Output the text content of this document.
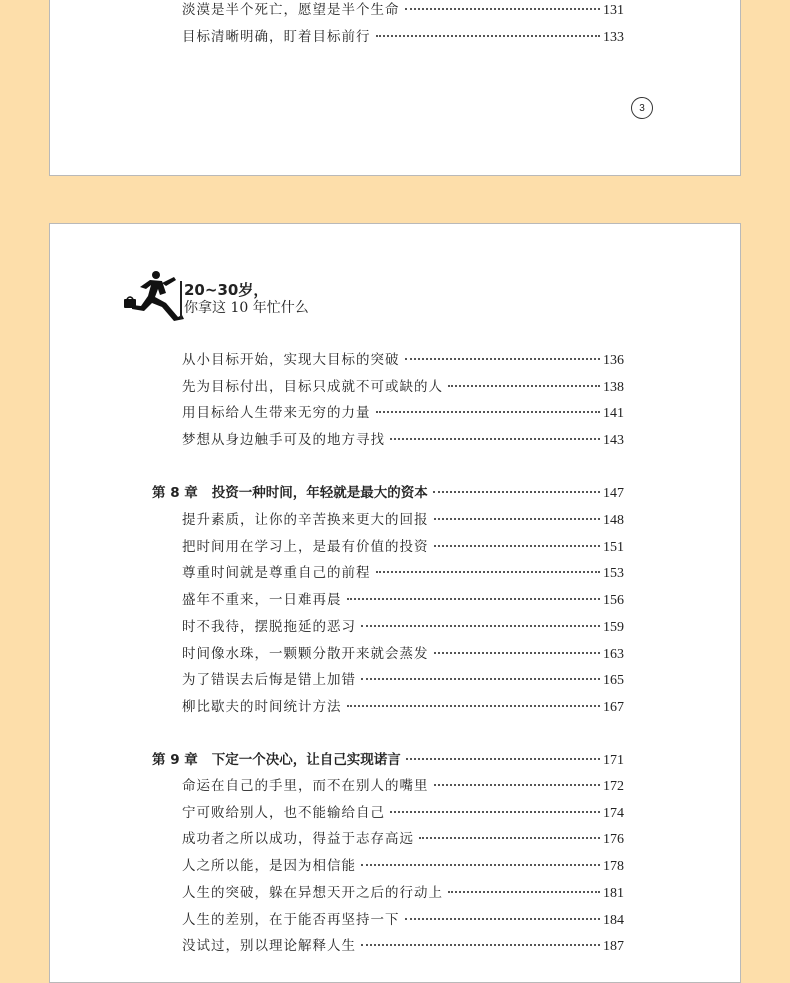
淡漠是半个死亡，愿望是半个生命	131
目标清晰明确，盯着目标前行	133
3
20~30岁，
你拿这 10 年忙什么
从小目标开始，实现大目标的突破	136
先为目标付出，目标只成就不可或缺的人	138
用目标给人生带来无穷的力量	141
梦想从身边触手可及的地方寻找	143
第 8 章 投资一种时间，年轻就是最大的资本	147
提升素质，让你的辛苦换来更大的回报	148
把时间用在学习上，是最有价值的投资	151
尊重时间就是尊重自己的前程	153
盛年不重来，一日难再晨	156
时不我待，摆脱拖延的恶习	159
时间像水珠，一颗颗分散开来就会蒸发	163
为了错误去后悔是错上加错	165
柳比歇夫的时间统计方法	167
第 9 章 下定一个决心，让自己实现诺言	171
命运在自己的手里，而不在别人的嘴里	172
宁可败给别人，也不能输给自己	174
成功者之所以成功，得益于志存高远	176
人之所以能，是因为相信能	178
人生的突破，躲在异想天开之后的行动上	181
人生的差别，在于能否再坚持一下	184
没试过，别以理论解释人生	187
